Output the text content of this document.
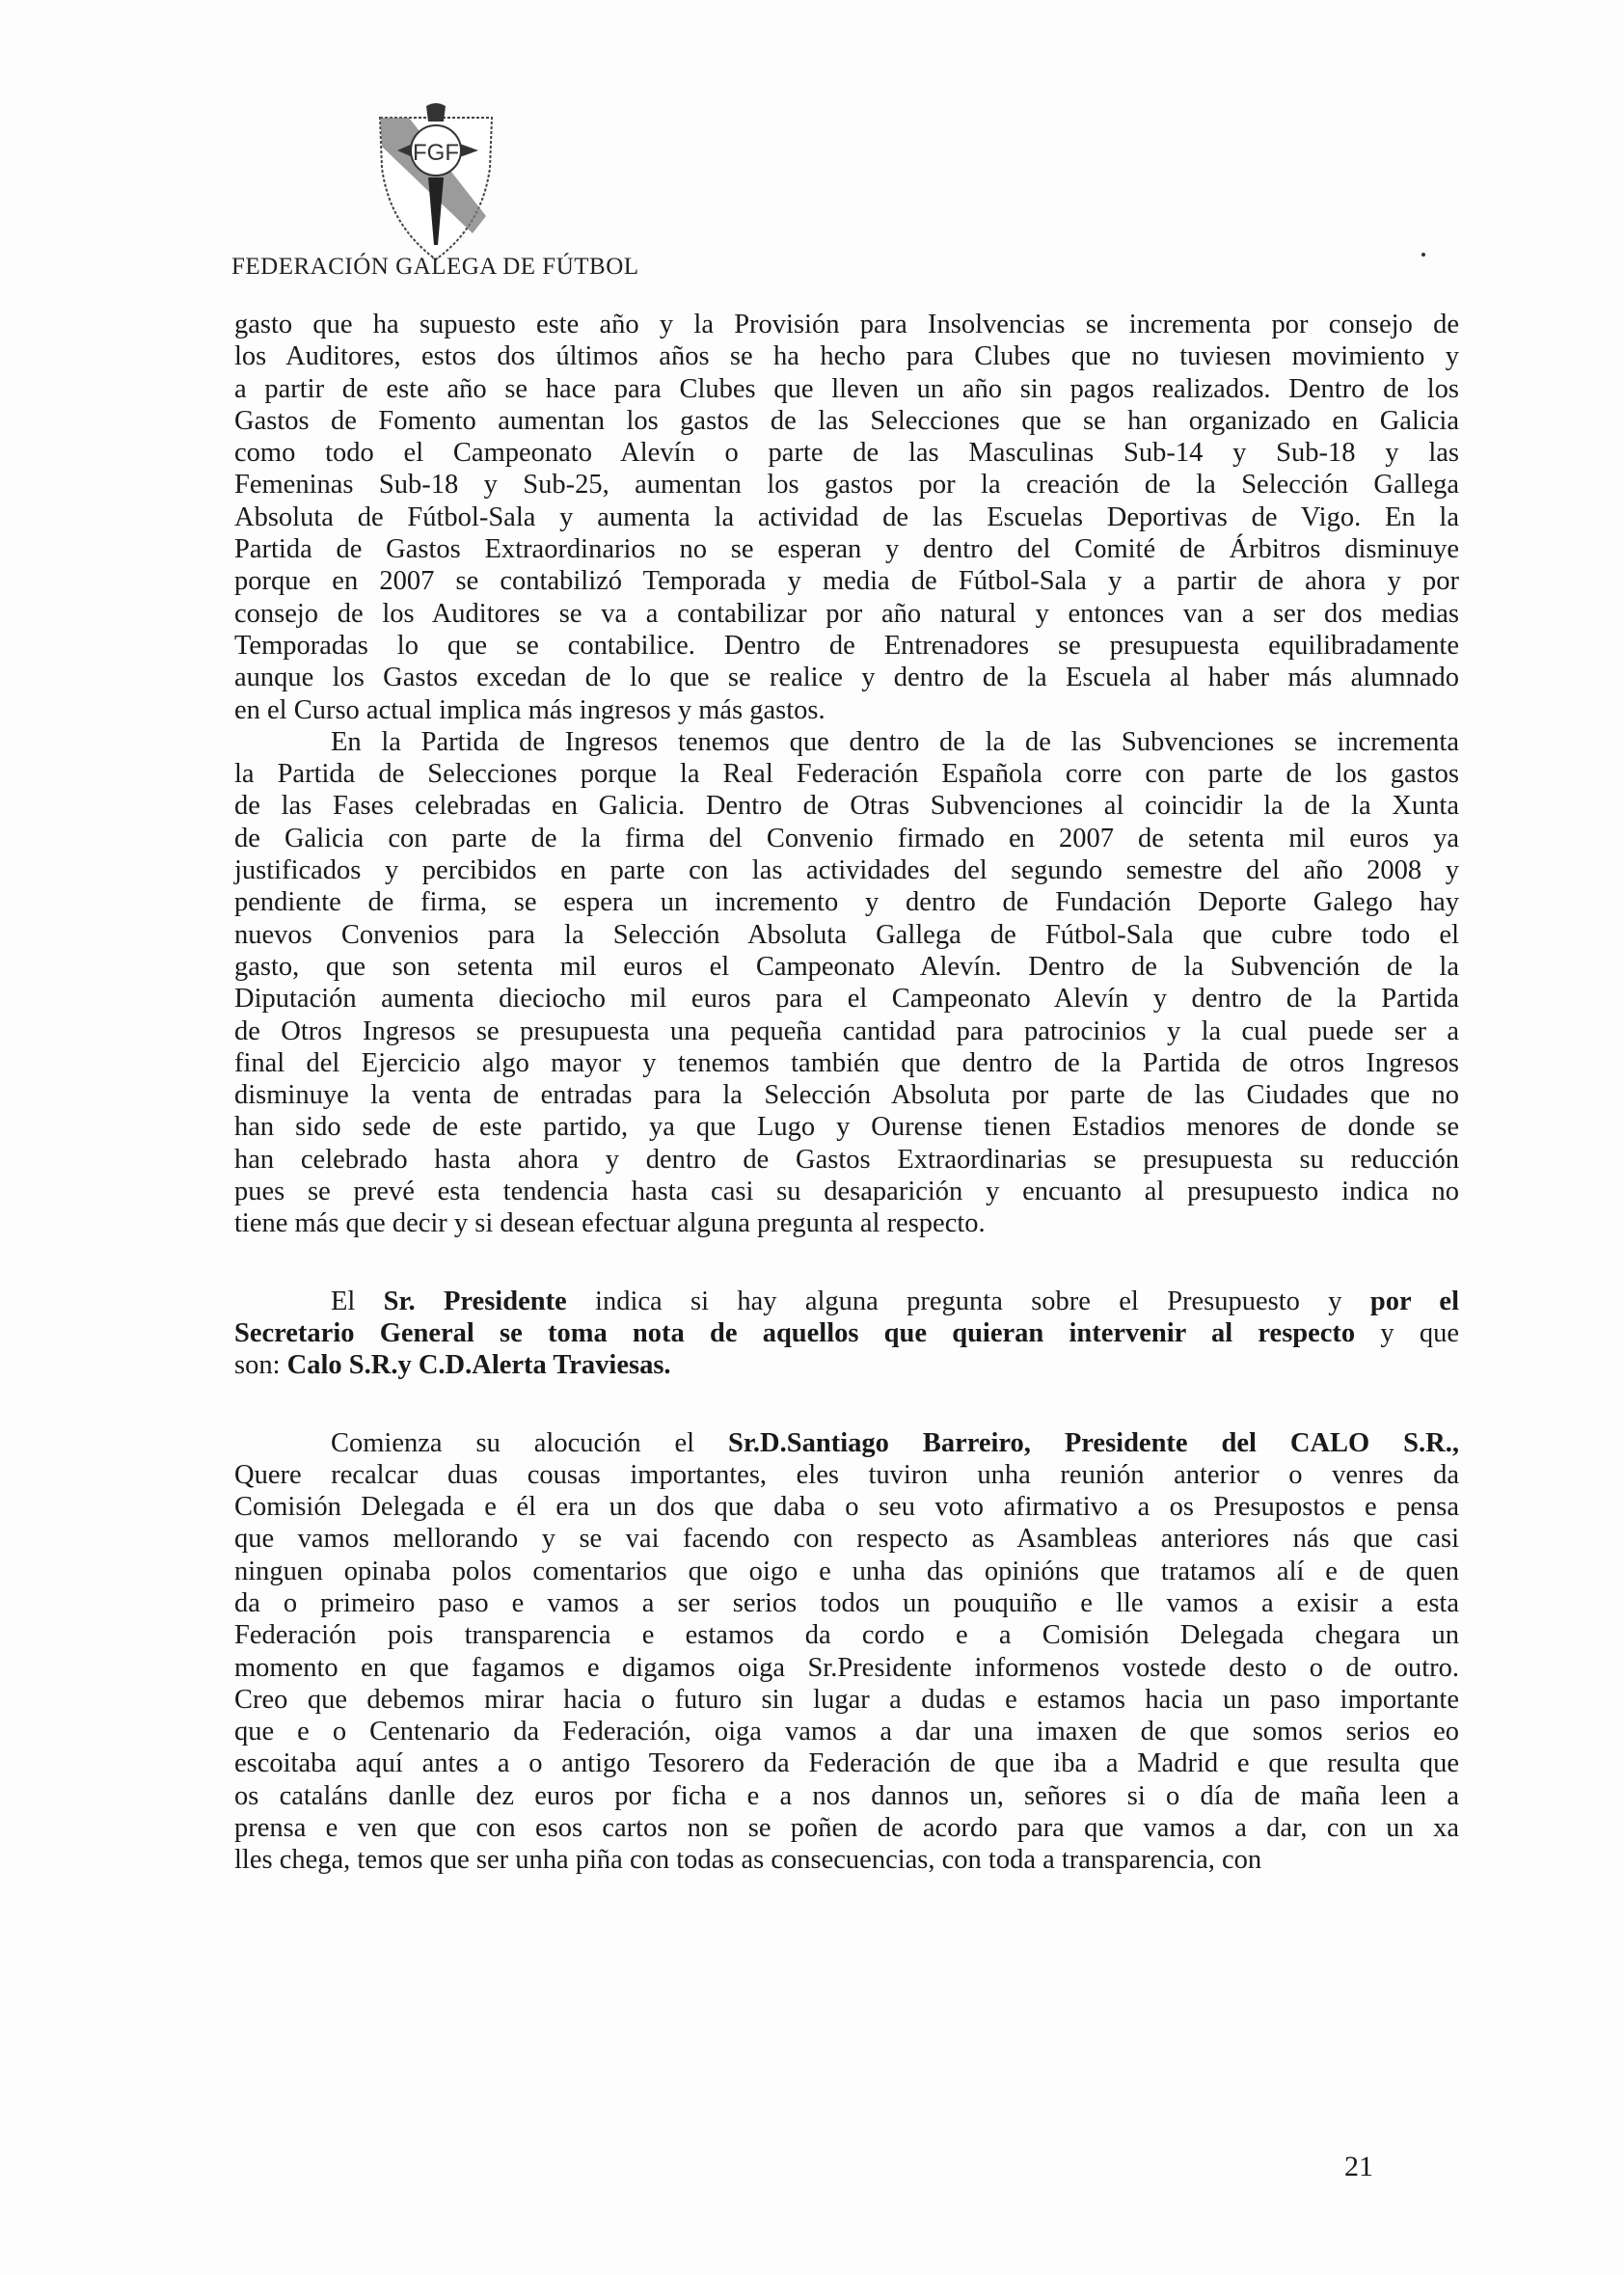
FGF
FEDERACIÓN GALEGA DE FÚTBOL
gasto que ha supuesto este año y la Provisión para Insolvencias se incrementa por consejo de
los Auditores, estos dos últimos años se ha hecho para Clubes que no tuviesen movimiento y
a partir de este año se hace para Clubes que lleven un año sin pagos realizados. Dentro de los
Gastos de Fomento aumentan los gastos de las Selecciones que se han organizado en Galicia
como todo el Campeonato Alevín o parte de las Masculinas Sub-14 y Sub-18 y las
Femeninas Sub-18 y Sub-25, aumentan los gastos por la creación de la Selección Gallega
Absoluta de Fútbol-Sala y aumenta la actividad de las Escuelas Deportivas de Vigo. En la
Partida de Gastos Extraordinarios no se esperan y dentro del Comité de Árbitros disminuye
porque en 2007 se contabilizó Temporada y media de Fútbol-Sala y a partir de ahora y por
consejo de los Auditores se va a contabilizar por año natural y entonces van a ser dos medias
Temporadas lo que se contabilice. Dentro de Entrenadores se presupuesta equilibradamente
aunque los Gastos excedan de lo que se realice y dentro de la Escuela al haber más alumnado
en el Curso actual implica más ingresos y más gastos.
En la Partida de Ingresos tenemos que dentro de la de las Subvenciones se incrementa
la Partida de Selecciones porque la Real Federación Española corre con parte de los gastos
de las Fases celebradas en Galicia. Dentro de Otras Subvenciones al coincidir la de la Xunta
de Galicia con parte de la firma del Convenio firmado en 2007 de setenta mil euros ya
justificados y percibidos en parte con las actividades del segundo semestre del año 2008 y
pendiente de firma, se espera un incremento y dentro de Fundación Deporte Galego hay
nuevos Convenios para la Selección Absoluta Gallega de Fútbol-Sala que cubre todo el
gasto, que son setenta mil euros el Campeonato Alevín. Dentro de la Subvención de la
Diputación aumenta dieciocho mil euros para el Campeonato Alevín y dentro de la Partida
de Otros Ingresos se presupuesta una pequeña cantidad para patrocinios y la cual puede ser a
final del Ejercicio algo mayor y tenemos también que dentro de la Partida de otros Ingresos
disminuye la venta de entradas para la Selección Absoluta por parte de las Ciudades que no
han sido sede de este partido, ya que Lugo y Ourense tienen Estadios menores de donde se
han celebrado hasta ahora y dentro de Gastos Extraordinarias se presupuesta su reducción
pues se prevé esta tendencia hasta casi su desaparición y encuanto al presupuesto indica no
tiene más que decir y si desean efectuar alguna pregunta al respecto.
El Sr. Presidente indica si hay alguna pregunta sobre el Presupuesto y por el
Secretario General se toma nota de aquellos que quieran intervenir al respecto y que
son: Calo S.R.y C.D.Alerta Traviesas.
Comienza su alocución el Sr.D.Santiago Barreiro, Presidente del CALO S.R.,
Quere recalcar duas cousas importantes, eles tuviron unha reunión anterior o venres da
Comisión Delegada e él era un dos que daba o seu voto afirmativo a os Presupostos e pensa
que vamos mellorando y se vai facendo con respecto as Asambleas anteriores nás que casi
ninguen opinaba polos comentarios que oigo e unha das opinións que tratamos alí e de quen
da o primeiro paso e vamos a ser serios todos un pouquiño e lle vamos a exisir a esta
Federación pois transparencia e estamos da cordo e a Comisión Delegada chegara un
momento en que fagamos e digamos oiga Sr.Presidente informenos vostede desto o de outro.
Creo que debemos mirar hacia o futuro sin lugar a dudas e estamos hacia un paso importante
que e o Centenario da Federación, oiga vamos a dar una imaxen de que somos serios eo
escoitaba aquí antes a o antigo Tesorero da Federación de que iba a Madrid e que resulta que
os cataláns danlle dez euros por ficha e a nos dannos un, señores si o día de maña leen a
prensa e ven que con esos cartos non se poñen de acordo para que vamos a dar, con un xa
lles chega, temos que ser unha piña con todas as consecuencias, con toda a transparencia, con
21
